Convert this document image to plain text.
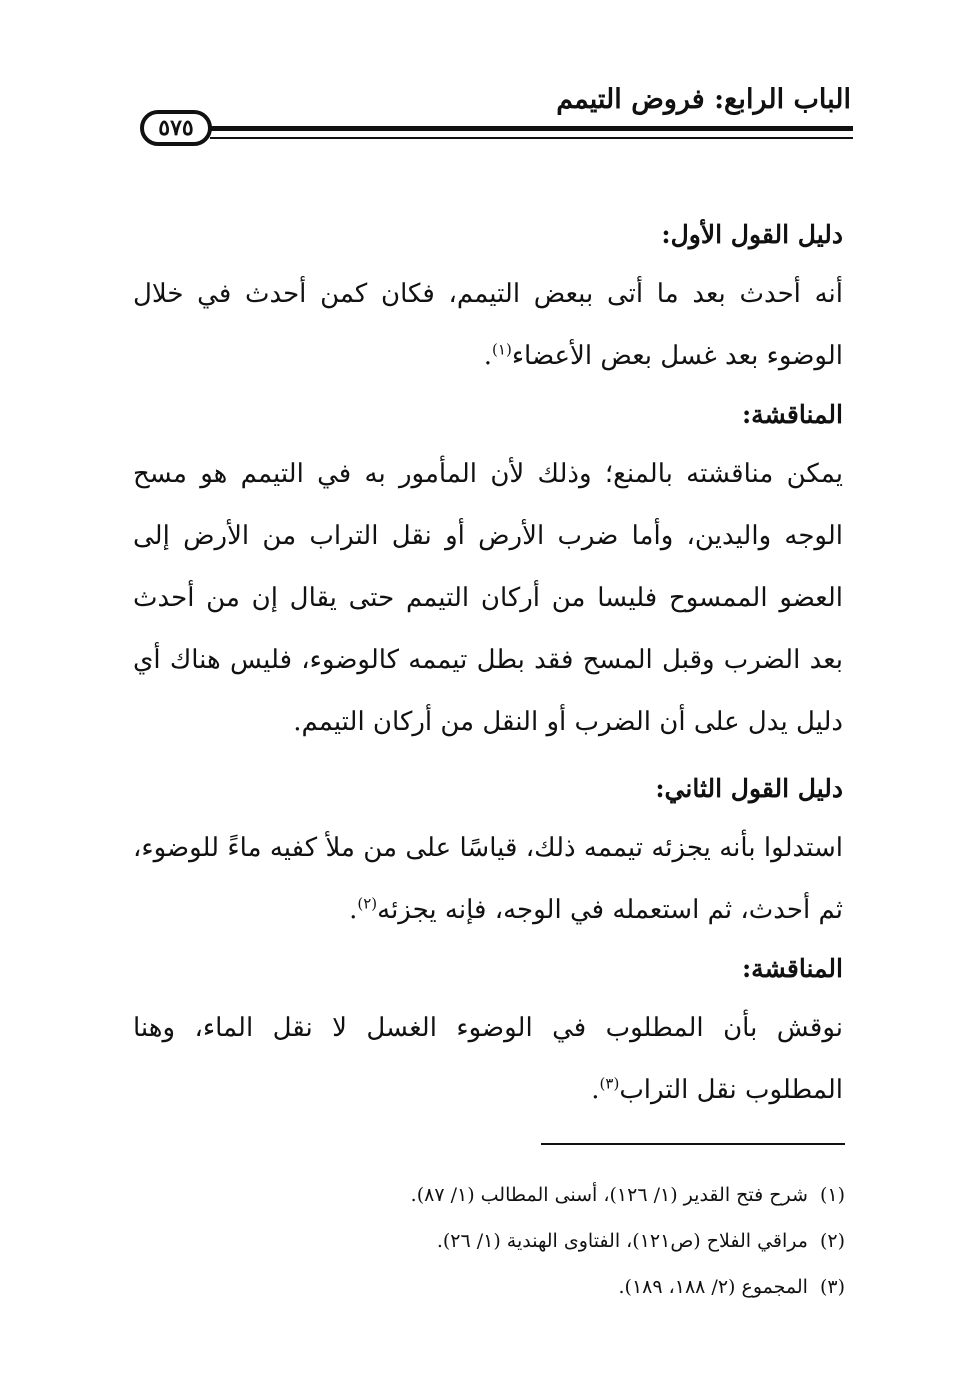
الباب الرابع: فروض التيمم
٥٧٥

دليل القول الأول:

أنه أحدث بعد ما أتى ببعض التيمم، فكان كمن أحدث في خلال الوضوء بعد غسل بعض الأعضاء$^{(١)}$.

المناقشة:

يمكن مناقشته بالمنع؛ وذلك لأن المأمور به في التيمم هو مسح الوجه واليدين، وأما ضرب الأرض أو نقل التراب من الأرض إلى العضو الممسوح فليسا من أركان التيمم حتى يقال إن من أحدث بعد الضرب وقبل المسح فقد بطل تيممه كالوضوء، فليس هناك أي دليل يدل على أن الضرب أو النقل من أركان التيمم.

دليل القول الثاني:

استدلوا بأنه يجزئه تيممه ذلك، قياسًا على من ملأ كفيه ماءً للوضوء، ثم أحدث، ثم استعمله في الوجه، فإنه يجزئه$^{(٢)}$.

المناقشة:

نوقش بأن المطلوب في الوضوء الغسل لا نقل الماء، وهنا المطلوب نقل التراب$^{(٣)}$.

(١)شرح فتح القدير (١/ ١٢٦)، أسنى المطالب (١/ ٨٧).

(٢)مراقي الفلاح (ص١٢١)، الفتاوى الهندية (١/ ٢٦).

(٣)المجموع (٢/ ١٨٨، ١٨٩).
